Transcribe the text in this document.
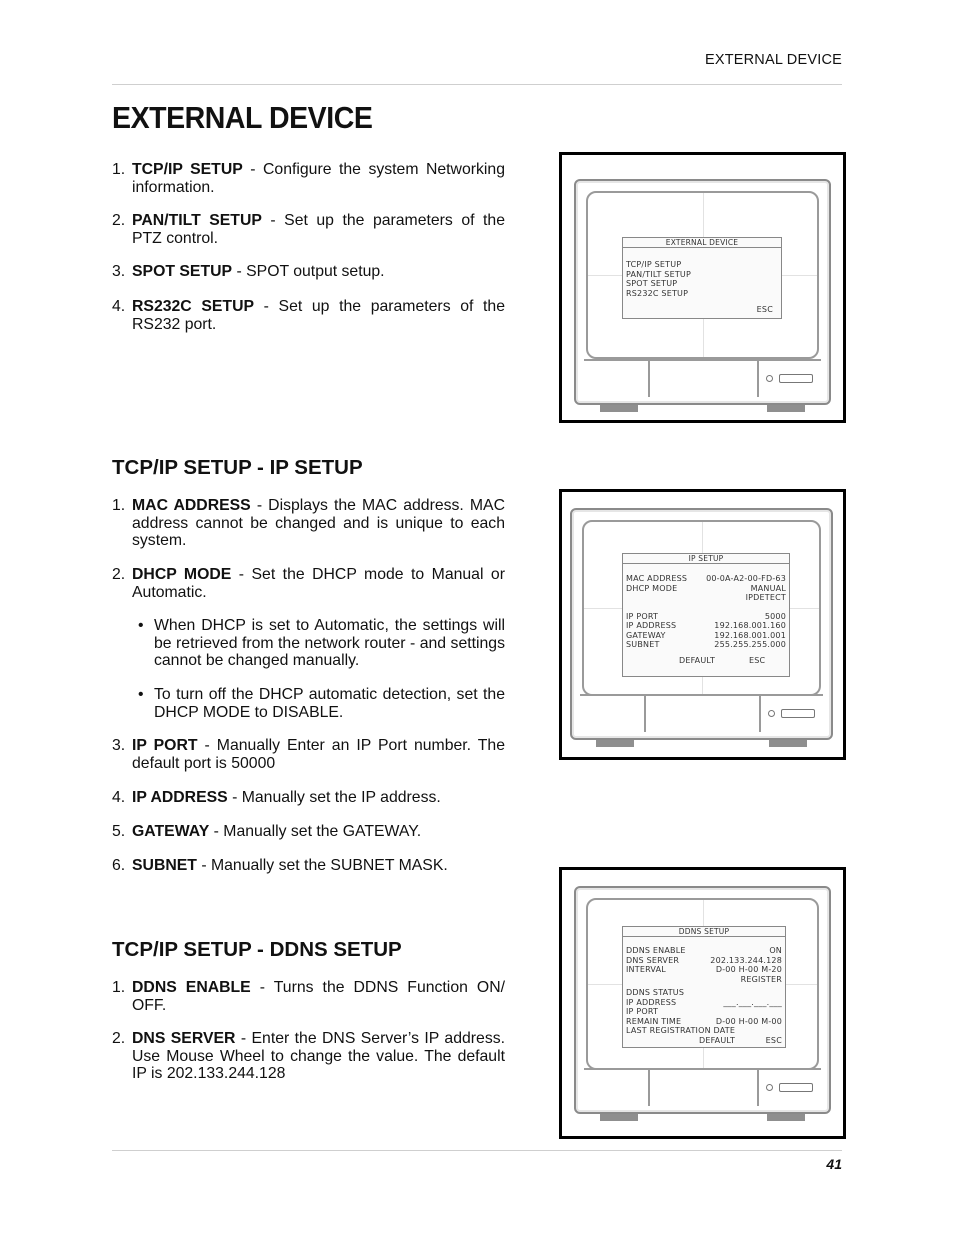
EXTERNAL DEVICE
EXTERNAL DEVICE
1. TCP/IP SETUP - Configure the system Networking information.
2. PAN/TILT SETUP - Set up the parameters of the PTZ control.
3. SPOT SETUP - SPOT output setup.
4. RS232C SETUP - Set up the parameters of the RS232 port.
TCP/IP SETUP - IP SETUP
1. MAC ADDRESS - Displays the MAC address. MAC address cannot be changed and is unique to each system.
2. DHCP MODE - Set the DHCP mode to Manual or Automatic.
• When DHCP is set to Automatic, the settings will be retrieved from the network router - and settings cannot be changed manually.
• To turn off the DHCP automatic detection, set the DHCP MODE to DISABLE.
3. IP PORT - Manually Enter an IP Port number. The default port is 50000
4. IP ADDRESS - Manually set the IP address.
5. GATEWAY - Manually set the GATEWAY.
6. SUBNET - Manually set the SUBNET MASK.
TCP/IP SETUP - DDNS SETUP
1. DDNS ENABLE - Turns the DDNS Function ON/ OFF.
2. DNS SERVER - Enter the DNS Server’s IP address. Use Mouse Wheel to change the value. The default IP is 202.133.244.128
EXTERNAL DEVICE
TCP/IP SETUP
PAN/TILT SETUP
SPOT SETUP
RS232C SETUP
ESC
IP SETUP
MAC ADDRESS 00-0A-A2-00-FD-63
DHCP MODE	MANUAL
IPDETECT
IP PORT	5000
IP ADDRESS	192.168.001.160
GATEWAY	192.168.001.001
SUBNET	255.255.255.000
DEFAULT	ESC
DDNS SETUP
DDNS ENABLE	ON
DNS SERVER	202.133.244.128
INTERVAL	D-00 H-00 M-20
REGISTER
DDNS STATUS
IP ADDRESS	___.___.___.___
IP PORT
REMAIN TIME	D-00 H-00 M-00
LAST REGISTRATION DATE
DEFAULT	ESC
41
